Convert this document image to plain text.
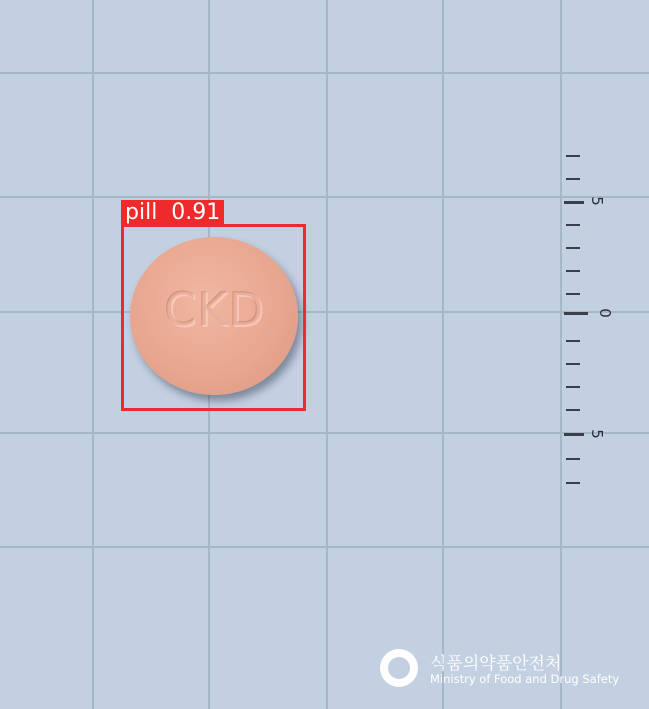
CKD
pill  0.91	5
0
5
식품의약품안전처
Ministry of Food and Drug Safety
